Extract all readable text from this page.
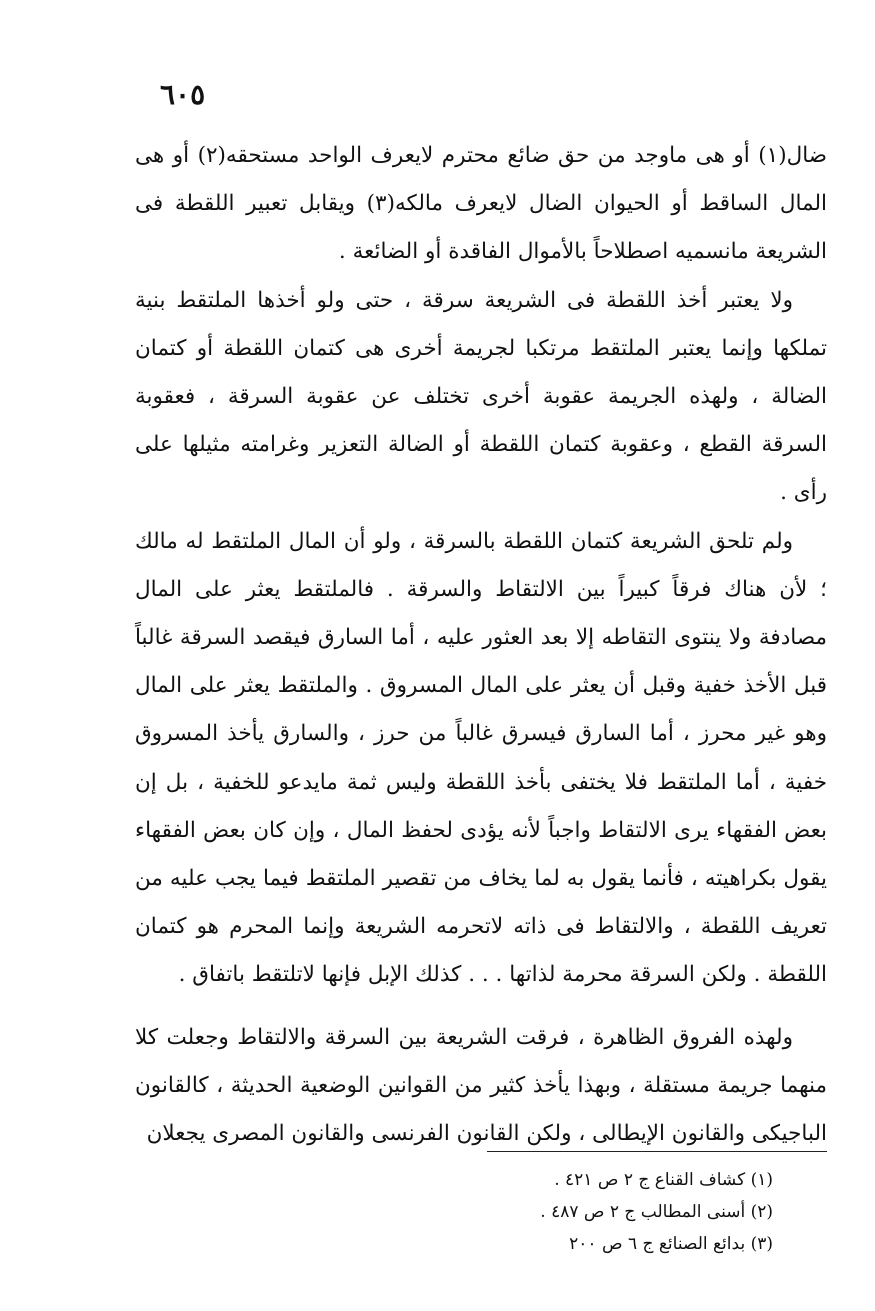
٦٠٥

ضال(١) أو هى ماوجد من حق ضائع محترم لايعرف الواحد مستحقه(٢) أو هى المال الساقط أو الحيوان الضال لايعرف مالكه(٣) ويقابل تعبير اللقطة فى الشريعة مانسميه اصطلاحاً بالأموال الفاقدة أو الضائعة .

ولا يعتبر أخذ اللقطة فى الشريعة سرقة ، حتى ولو أخذها الملتقط بنية تملكها وإنما يعتبر الملتقط مرتكبا لجريمة أخرى هى كتمان اللقطة أو كتمان الضالة ، ولهذه الجريمة عقوبة أخرى تختلف عن عقوبة السرقة ، فعقوبة السرقة القطع ، وعقوبة كتمان اللقطة أو الضالة التعزير وغرامته مثيلها على رأى .

ولم تلحق الشريعة كتمان اللقطة بالسرقة ، ولو أن المال الملتقط له مالك ؛ لأن هناك فرقاً كبيراً بين الالتقاط والسرقة . فالملتقط يعثر على المال مصادفة ولا ينتوى التقاطه إلا بعد العثور عليه ، أما السارق فيقصد السرقة غالباً قبل الأخذ خفية وقبل أن يعثر على المال المسروق . والملتقط يعثر على المال وهو غير محرز ، أما السارق فيسرق غالباً من حرز ، والسارق يأخذ المسروق خفية ، أما الملتقط فلا يختفى بأخذ اللقطة وليس ثمة مايدعو للخفية ، بل إن بعض الفقهاء يرى الالتقاط واجباً لأنه يؤدى لحفظ المال ، وإن كان بعض الفقهاء يقول بكراهيته ، فأنما يقول به لما يخاف من تقصير الملتقط فيما يجب عليه من تعريف اللقطة ، والالتقاط فى ذاته لاتحرمه الشريعة وإنما المحرم هو كتمان اللقطة . ولكن السرقة محرمة لذاتها . . . كذلك الإبل فإنها لاتلتقط باتفاق .

ولهذه الفروق الظاهرة ، فرقت الشريعة بين السرقة والالتقاط وجعلت كلا منهما جريمة مستقلة ، وبهذا يأخذ كثير من القوانين الوضعية الحديثة ، كالقانون الباجيكى والقانون الإيطالى ، ولكن القانون الفرنسى والقانون المصرى يجعلان

(١) كشاف القناع ج ٢ ص ٤٢١ .

(٢) أسنى المطالب ج ٢ ص ٤٨٧ .

(٣) بدائع الصنائع ج ٦ ص ٢٠٠
